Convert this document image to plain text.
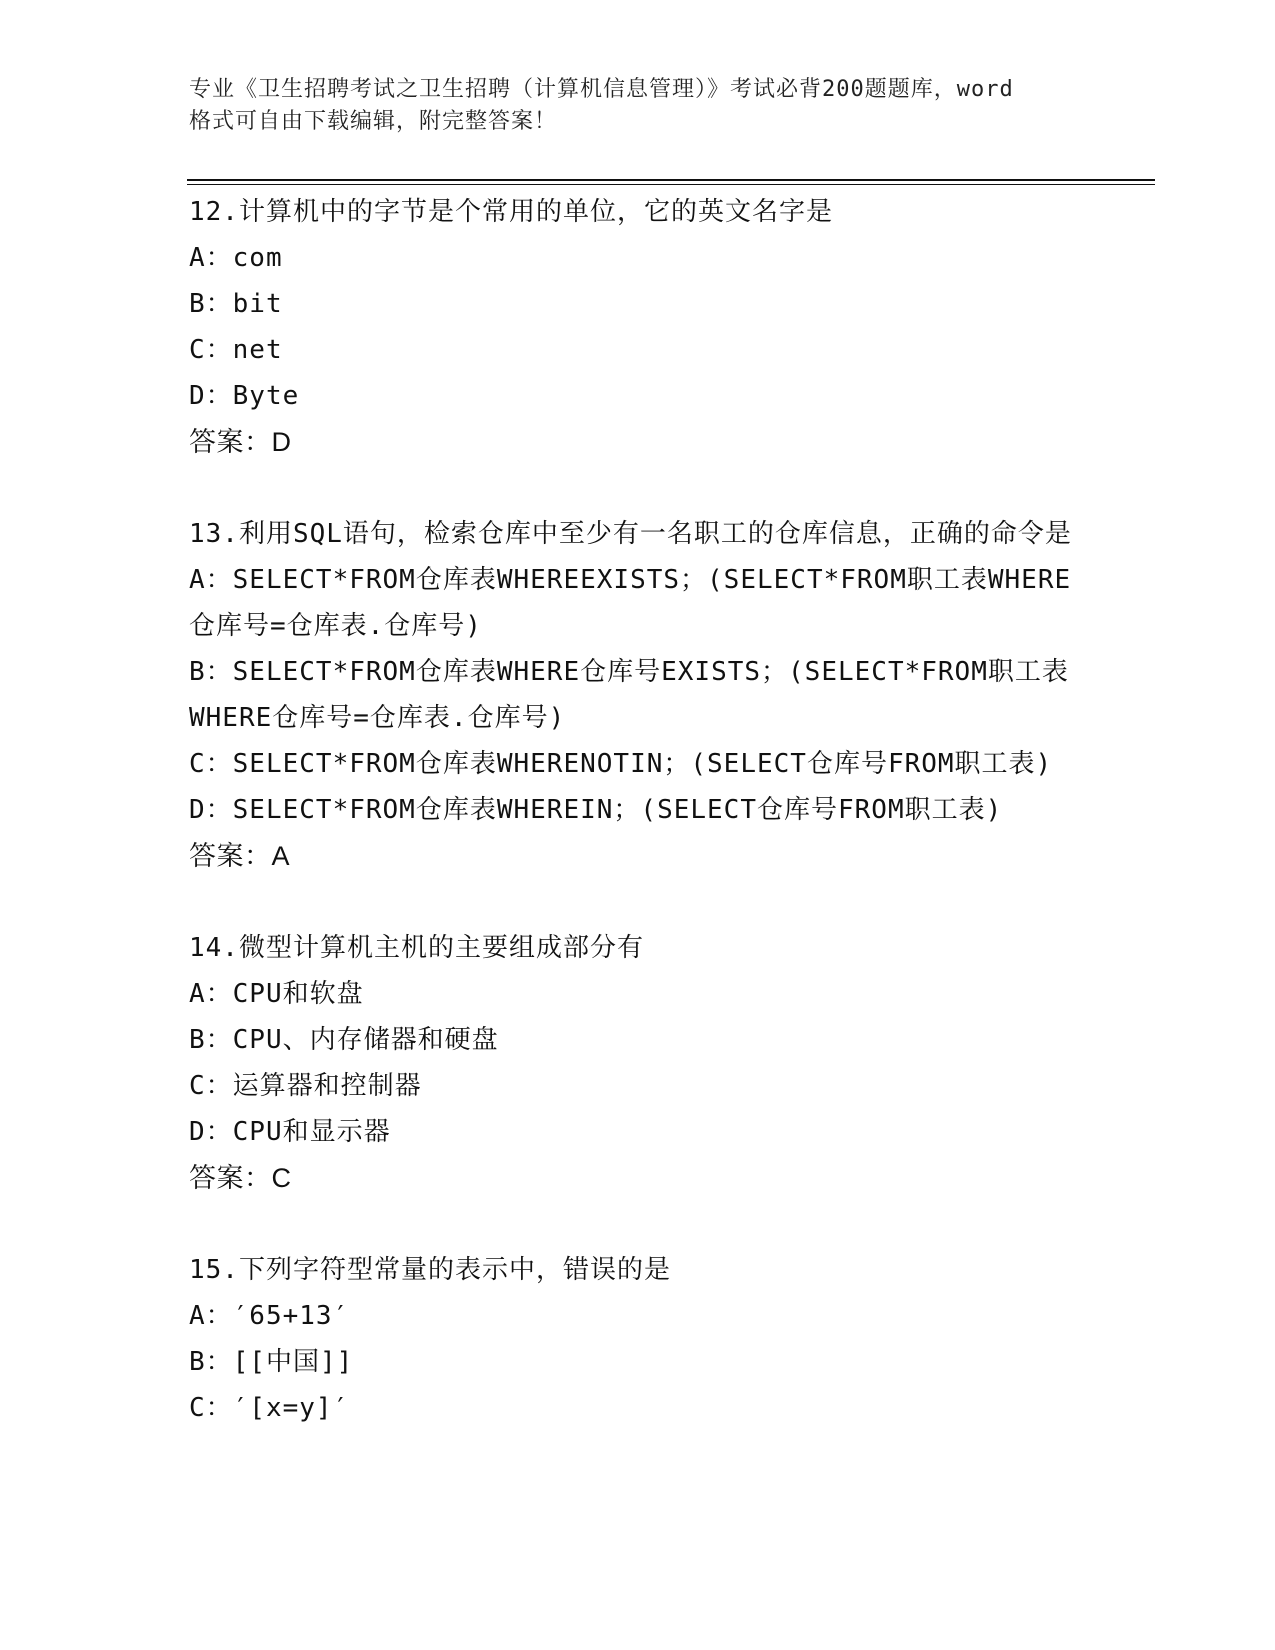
专业《卫生招聘考试之卫生招聘（计算机信息管理）》考试必背200题题库，word
格式可自由下载编辑，附完整答案！
12.计算机中的字节是个常用的单位，它的英文名字是
A：com
B：bit
C：net
D：Byte
答案：D
13.利用SQL语句，检索仓库中至少有一名职工的仓库信息，正确的命令是
A：SELECT*FROM仓库表WHEREEXISTS；(SELECT*FROM职工表WHERE仓库号=仓库表.仓库号)
B：SELECT*FROM仓库表WHERE仓库号EXISTS；(SELECT*FROM职工表WHERE仓库号=仓库表.仓库号)
C：SELECT*FROM仓库表WHERENOTIN；(SELECT仓库号FROM职工表)
D：SELECT*FROM仓库表WHEREIN；(SELECT仓库号FROM职工表)
答案：A
14.微型计算机主机的主要组成部分有
A：CPU和软盘
B：CPU、内存储器和硬盘
C：运算器和控制器
D：CPU和显示器
答案：C
15.下列字符型常量的表示中，错误的是
A：′65+13′
B：[[中国]]
C：′[x=y]′
